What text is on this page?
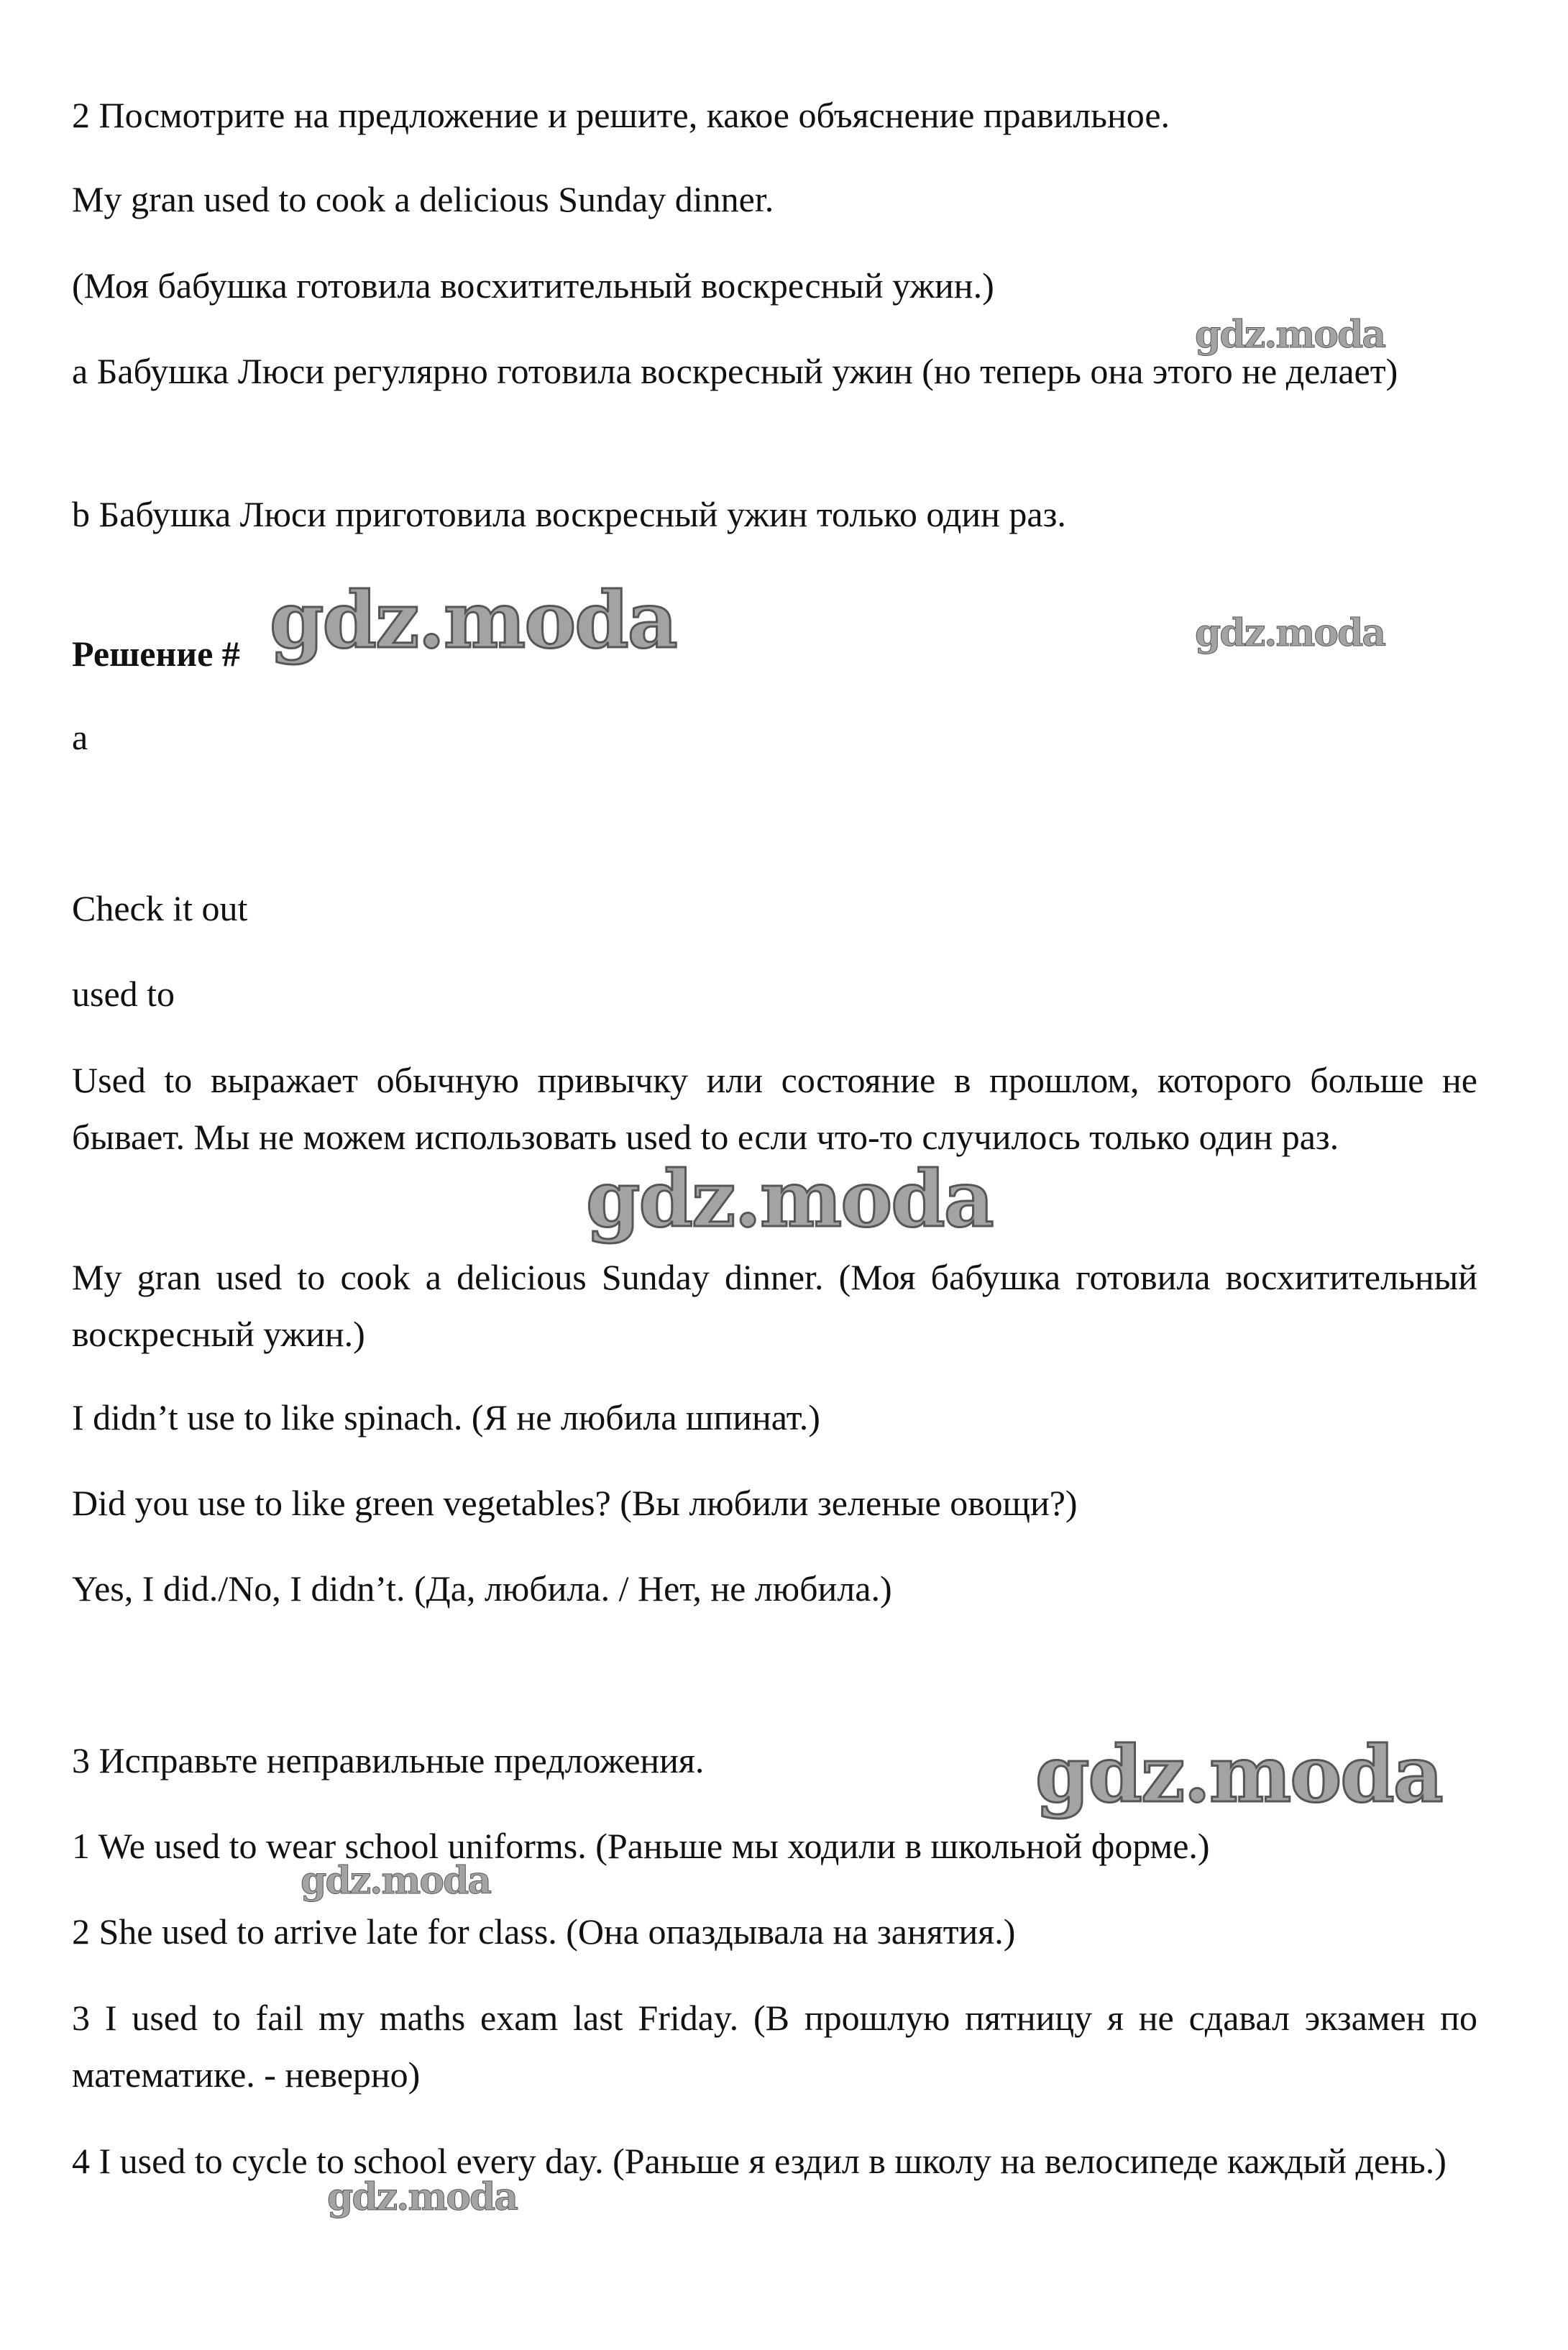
2 Посмотрите на предложение и решите, какое объяснение правильное.

My gran used to cook a delicious Sunday dinner.

(Моя бабушка готовила восхитительный воскресный ужин.)

a Бабушка Люси регулярно готовила воскресный ужин (но теперь она этого не делает)

b Бабушка Люси приготовила воскресный ужин только один раз.

Решение #

a

Check it out

used to

Used to выражает обычную привычку или состояние в прошлом, которого больше не бывает. Мы не можем использовать used to если что-то случилось только один раз.

My gran used to cook a delicious Sunday dinner. (Моя бабушка готовила восхитительный воскресный ужин.)

I didn’t use to like spinach. (Я не любила шпинат.)

Did you use to like green vegetables? (Вы любили зеленые овощи?)

Yes, I did./No, I didn’t. (Да, любила. / Нет, не любила.)

3 Исправьте неправильные предложения.

1 We used to wear school uniforms. (Раньше мы ходили в школьной форме.)

2 She used to arrive late for class. (Она опаздывала на занятия.)

3 I used to fail my maths exam last Friday. (В прошлую пятницу я не сдавал экзамен по математике. - неверно)

4 I used to cycle to school every day. (Раньше я ездил в школу на велосипеде каждый день.)

gdz.moda
gdz.moda	gdz.moda
gdz.moda
gdz.moda
gdz.moda
gdz.moda
